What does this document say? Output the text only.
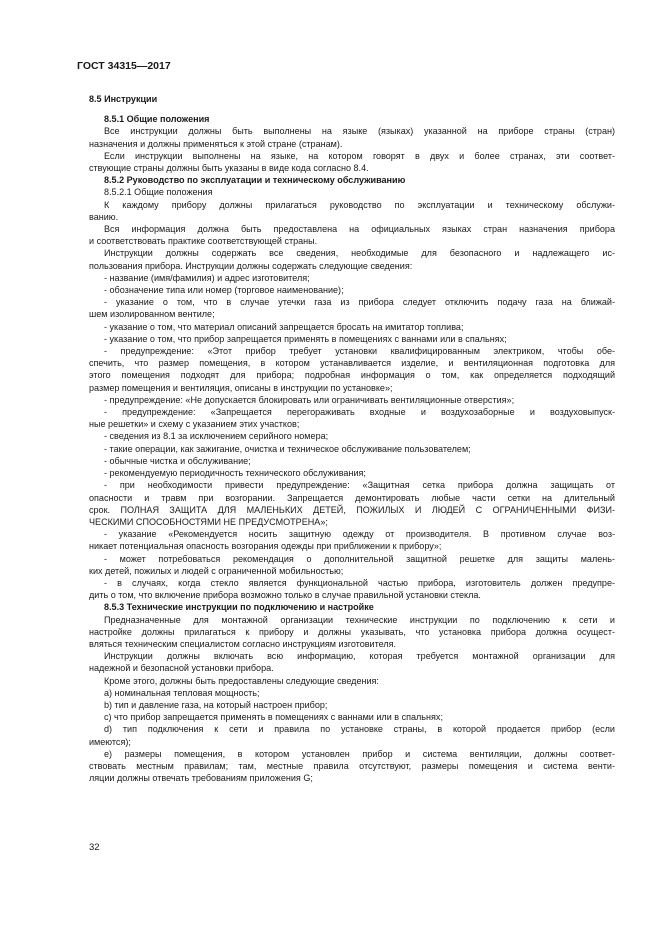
ГОСТ 34315—2017
8.5 Инструкции
8.5.1 Общие положения
Все инструкции должны быть выполнены на языке (языках) указанной на приборе страны (стран)
назначения и должны применяться к этой стране (странам).
Если инструкции выполнены на языке, на котором говорят в двух и более странах, эти соответ-
ствующие страны должны быть указаны в виде кода согласно 8.4.
8.5.2 Руководство по эксплуатации и техническому обслуживанию
8.5.2.1 Общие положения
К каждому прибору должны прилагаться руководство по эксплуатации и техническому обслужи-
ванию.
Вся информация должна быть предоставлена на официальных языках стран назначения прибора
и соответствовать практике соответствующей страны.
Инструкции должны содержать все сведения, необходимые для безопасного и надлежащего ис-
пользования прибора. Инструкции должны содержать следующие сведения:
- название (имя/фамилия) и адрес изготовителя;
- обозначение типа или номер (торговое наименование);
- указание о том, что в случае утечки газа из прибора следует отключить подачу газа на ближай-
шем изолированном вентиле;
- указание о том, что материал описаний запрещается бросать на имитатор топлива;
- указание о том, что прибор запрещается применять в помещениях с ваннами или в спальнях;
- предупреждение: «Этот прибор требует установки квалифицированным электриком, чтобы обе-
спечить, что размер помещения, в котором устанавливается изделие, и вентиляционная подготовка для
этого помещения подходят для прибора; подробная информация о том, как определяется подходящий
размер помещения и вентиляция, описаны в инструкции по установке»;
- предупреждение: «Не допускается блокировать или ограничивать вентиляционные отверстия»;
- предупреждение: «Запрещается перегораживать входные и воздухозаборные и воздуховыпуск-
ные решетки» и схему с указанием этих участков;
- сведения из 8.1 за исключением серийного номера;
- такие операции, как зажигание, очистка и техническое обслуживание пользователем;
- обычные чистка и обслуживание;
- рекомендуемую периодичность технического обслуживания;
- при необходимости привести предупреждение: «Защитная сетка прибора должна защищать от
опасности и травм при возгорании. Запрещается демонтировать любые части сетки на длительный
срок. ПОЛНАЯ ЗАЩИТА ДЛЯ МАЛЕНЬКИХ ДЕТЕЙ, ПОЖИЛЫХ И ЛЮДЕЙ С ОГРАНИЧЕННЫМИ ФИЗИ-
ЧЕСКИМИ СПОСОБНОСТЯМИ НЕ ПРЕДУСМОТРЕНА»;
- указание «Рекомендуется носить защитную одежду от производителя. В противном случае воз-
никает потенциальная опасность возгорания одежды при приближении к прибору»;
- может потребоваться рекомендация о дополнительной защитной решетке для защиты малень-
ких детей, пожилых и людей с ограниченной мобильностью;
- в случаях, когда стекло является функциональной частью прибора, изготовитель должен предупре-
дить о том, что включение прибора возможно только в случае правильной установки стекла.
8.5.3 Технические инструкции по подключению и настройке
Предназначенные для монтажной организации технические инструкции по подключению к сети и
настройке должны прилагаться к прибору и должны указывать, что установка прибора должна осущест-
вляться техническим специалистом согласно инструкциям изготовителя.
Инструкции должны включать всю информацию, которая требуется монтажной организации для
надежной и безопасной установки прибора.
Кроме этого, должны быть предоставлены следующие сведения:
а) номинальная тепловая мощность;
b) тип и давление газа, на который настроен прибор;
c) что прибор запрещается применять в помещениях с ваннами или в спальнях;
d) тип подключения к сети и правила по установке страны, в которой продается прибор (если
имеются);
e) размеры помещения, в котором установлен прибор и система вентиляции, должны соответ-
ствовать местным правилам; там, местные правила отсутствуют, размеры помещения и система венти-
ляции должны отвечать требованиям приложения G;
32
